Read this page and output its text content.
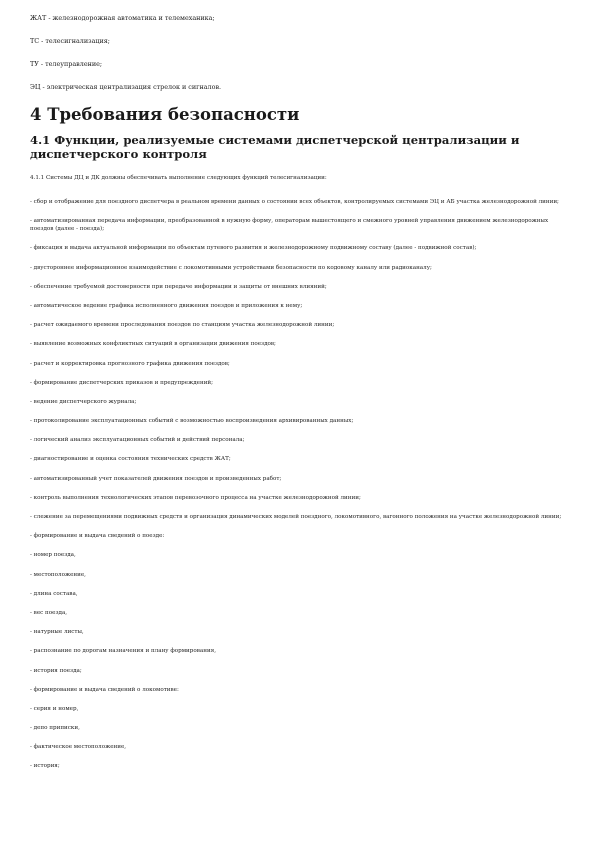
ЖАТ - железнодорожная автоматика и телемеханика;
ТС - телесигнализация;
ТУ - телеуправление;
ЭЦ - электрическая централизация стрелок и сигналов.
4 Требования безопасности
4.1 Функции, реализуемые системами диспетчерской централизации и диспетчерского контроля
4.1.1 Системы ДЦ и ДК должны обеспечивать выполнение следующих функций телесигнализации:
- сбор и отображение для поездного диспетчера в реальном времени данных о состоянии всех объектов, контролируемых системами ЭЦ и АБ участка железнодорожной линии;
- автоматизированная передача информации, преобразованной в нужную форму, операторам вышестоящего и смежного уровней управления движением железнодорожных поездов (далее - поезда);
- фиксация и выдача актуальной информации по объектам путевого развития и железнодорожному подвижному составу (далее - подвижной состав);
- двустороннее информационное взаимодействие с локомотивными устройствами безопасности по кодовому каналу или радиоканалу;
- обеспечение требуемой достоверности при передаче информации и защиты от внешних влияний;
- автоматическое ведение графика исполненного движения поездов и приложения к нему;
- расчет ожидаемого времени проследования поездов по станциям участка железнодорожной линии;
- выявление возможных конфликтных ситуаций в организации движения поездов;
- расчет и корректировка прогнозного графика движения поездов;
- формирование диспетчерских приказов и предупреждений;
- ведение диспетчерского журнала;
- протоколирование эксплуатационных событий с возможностью воспроизведения архивированных данных;
- логический анализ эксплуатационных событий и действий персонала;
- диагностирование и оценка состояния технических средств ЖАТ;
- автоматизированный учет показателей движения поездов и произведенных работ;
- контроль выполнения технологических этапов перевозочного процесса на участке железнодорожной линии;
- слежение за перемещениями подвижных средств и организация динамических моделей поездного, локомотивного, вагонного положения на участке железнодорожной линии;
- формирование и выдача сведений о поезде:
- номер поезда,
- местоположение,
- длина состава,
- вес поезда,
- натурные листы,
- распознание по дорогам назначения и плану формирования,
- история поезда;
- формирование и выдача сведений о локомотиве:
- серия и номер,
- депо приписки,
- фактическое местоположение,
- история;
